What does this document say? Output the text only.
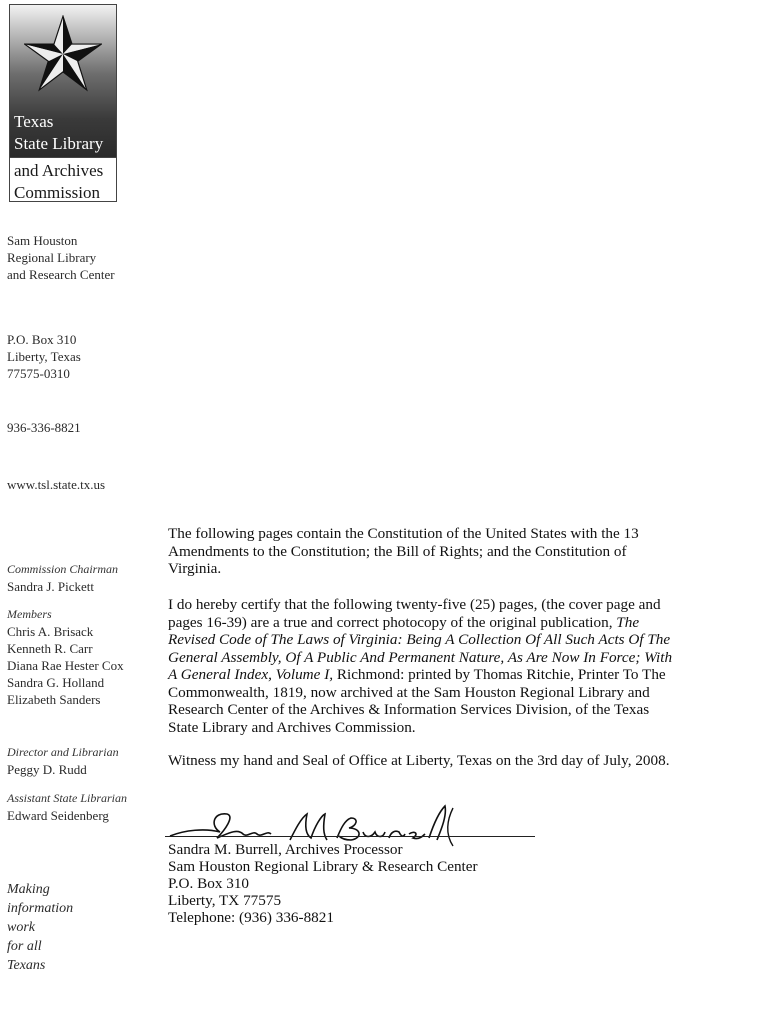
Texas
State Library
and Archives
Commission
Sam Houston
Regional Library
and Research Center
P.O. Box 310
Liberty, Texas
77575-0310
936-336-8821
www.tsl.state.tx.us
Commission Chairman
Sandra J. Pickett
Members
Chris A. Brisack
Kenneth R. Carr
Diana Rae Hester Cox
Sandra G. Holland
Elizabeth Sanders
Director and Librarian
Peggy D. Rudd
Assistant State Librarian
Edward Seidenberg
Making
information
work
for all
Texans

The following pages contain the Constitution of the United States with the 13 Amendments to the Constitution; the Bill of Rights; and the Constitution of Virginia.

I do hereby certify that the following twenty-five (25) pages, (the cover page and pages 16-39) are a true and correct photocopy of the original publication, The Revised Code of The Laws of Virginia: Being A Collection Of All Such Acts Of The General Assembly, Of A Public And Permanent Nature, As Are Now In Force; With A General Index, Volume I, Richmond: printed by Thomas Ritchie, Printer To The Commonwealth, 1819, now archived at the Sam Houston Regional Library and Research Center of the Archives & Information Services Division, of the Texas State Library and Archives Commission.

Witness my hand and Seal of Office at Liberty, Texas on the 3rd day of July, 2008.

Sandra M. Burrell, Archives Processor
Sam Houston Regional Library & Research Center
P.O. Box 310
Liberty, TX 77575
Telephone: (936) 336-8821
